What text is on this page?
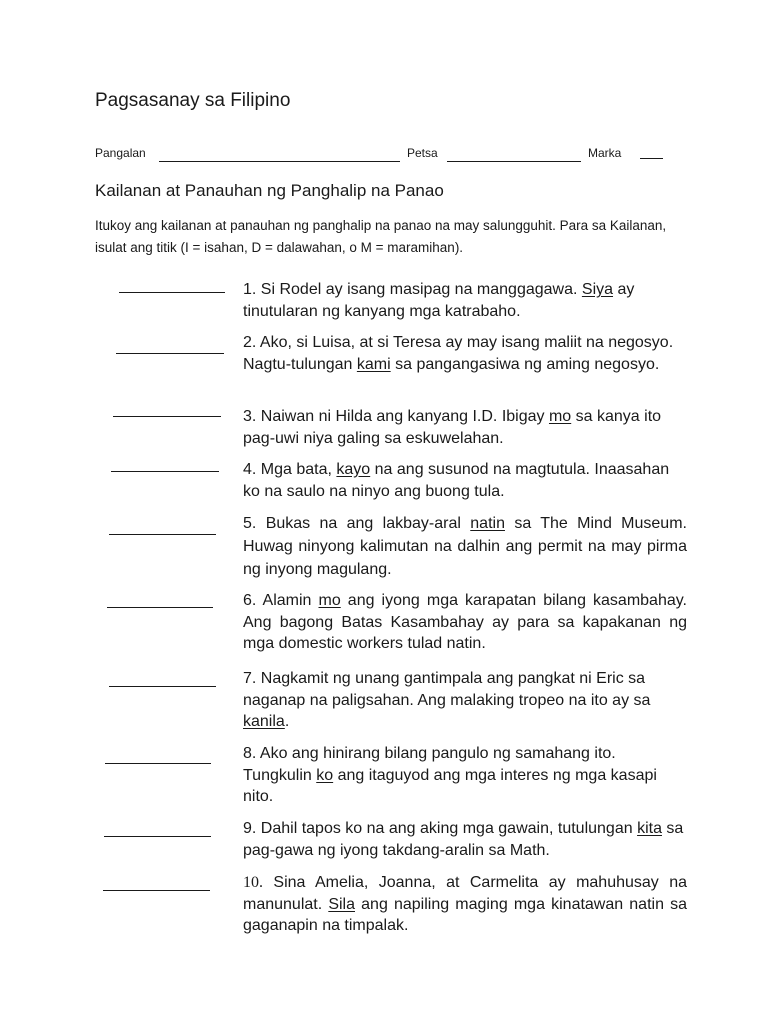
Pagsasanay sa Filipino
Pangalan	Petsa	Marka
Kailanan at Panauhan ng Panghalip na Panao
Itukoy ang kailanan at panauhan ng panghalip na panao na may salungguhit. Para sa Kailanan, isulat ang titik (I = isahan, D = dalawahan, o M = maramihan).
1. Si Rodel ay isang masipag na manggagawa. Siya ay tinutularan ng kanyang mga katrabaho.
2. Ako, si Luisa, at si Teresa ay may isang maliit na negosyo. Nagtu-tulungan kami sa pangangasiwa ng aming negosyo.
3. Naiwan ni Hilda ang kanyang I.D. Ibigay mo sa kanya ito pag-uwi niya galing sa eskuwelahan.
4. Mga bata, kayo na ang susunod na magtutula. Inaasahan ko na saulo na ninyo ang buong tula.
5. Bukas na ang lakbay-aral natin sa The Mind Museum. Huwag ninyong kalimutan na dalhin ang permit na may pirma ng inyong magulang.
6. Alamin mo ang iyong mga karapatan bilang kasambahay. Ang bagong Batas Kasambahay ay para sa kapakanan ng mga domestic workers tulad natin.
7. Nagkamit ng unang gantimpala ang pangkat ni Eric sa naganap na paligsahan. Ang malaking tropeo na ito ay sa kanila.
8. Ako ang hinirang bilang pangulo ng samahang ito. Tungkulin ko ang itaguyod ang mga interes ng mga kasapi nito.
9. Dahil tapos ko na ang aking mga gawain, tutulungan kita sa pag-gawa ng iyong takdang-aralin sa Math.
10. Sina Amelia, Joanna, at Carmelita ay mahuhusay na manunulat. Sila ang napiling maging mga kinatawan natin sa gaganapin na timpalak.
